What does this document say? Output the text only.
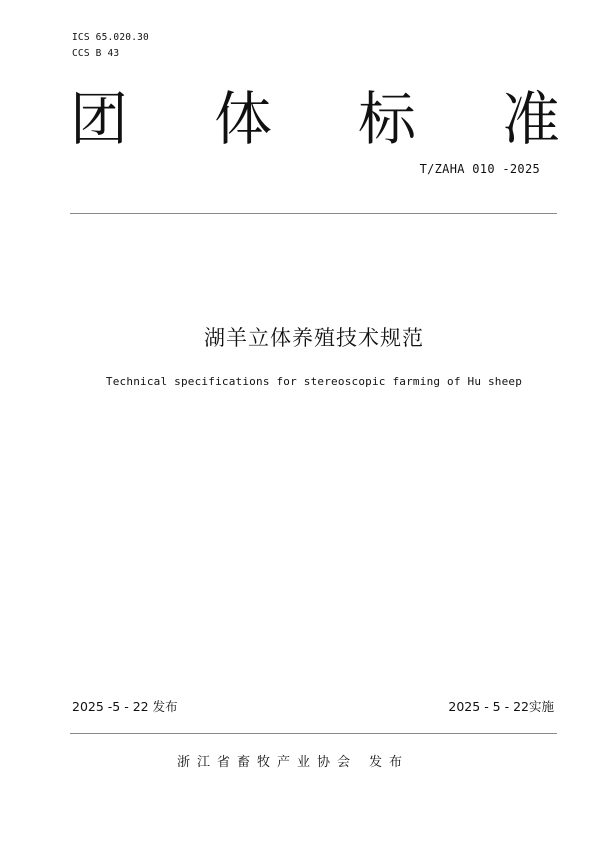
ICS 65.020.30
CCS B 43
团 体 标 准
T/ZAHA 010 -2025
湖羊立体养殖技术规范
Technical specifications for stereoscopic farming of Hu sheep
2025 -5 - 22 发布	2025 - 5 - 22实施
浙江省畜牧产业协会 发布
